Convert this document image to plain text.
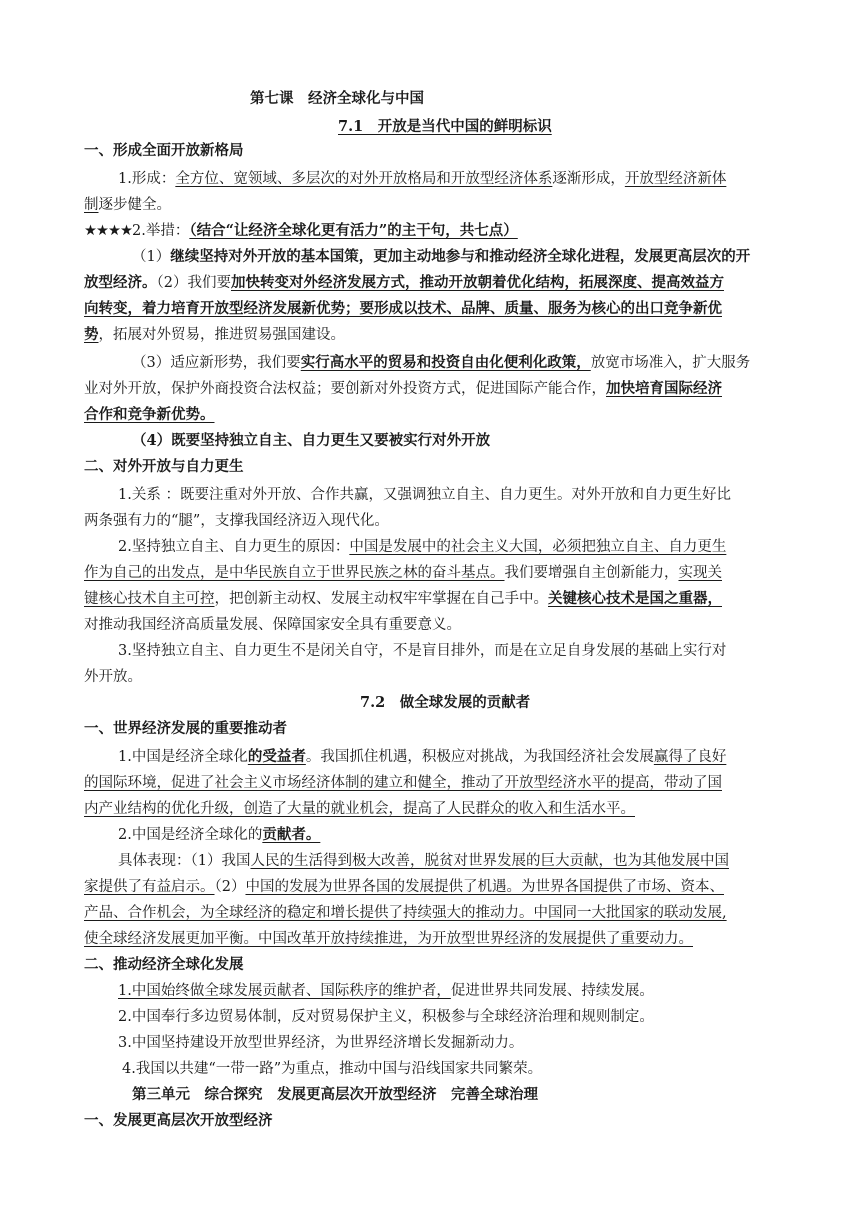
第七课　经济全球化与中国
7.1　开放是当代中国的鲜明标识
一、形成全面开放新格局
1.形成：全方位、宽领域、多层次的对外开放格局和开放型经济体系逐渐形成，开放型经济新体
制逐步健全。
★★★★2.举措：（结合“让经济全球化更有活力”的主干句，共七点）
（1）继续坚持对外开放的基本国策，更加主动地参与和推动经济全球化进程，发展更高层次的开
放型经济。（2）我们要加快转变对外经济发展方式，推动开放朝着优化结构，拓展深度、提高效益方
向转变，着力培育开放型经济发展新优势；要形成以技术、品牌、质量、服务为核心的出口竞争新优
势，拓展对外贸易，推进贸易强国建设。
（3）适应新形势，我们要实行高水平的贸易和投资自由化便利化政策，放宽市场准入，扩大服务
业对外开放，保护外商投资合法权益；要创新对外投资方式，促进国际产能合作，加快培育国际经济
合作和竞争新优势。
（4）既要坚持独立自主、自力更生又要被实行对外开放
二、对外开放与自力更生
1.关系 ：既要注重对外开放、合作共赢，又强调独立自主、自力更生。对外开放和自力更生好比
两条强有力的“腿”，支撑我国经济迈入现代化。
2.坚持独立自主、自力更生的原因：中国是发展中的社会主义大国，必须把独立自主、自力更生
作为自己的出发点，是中华民族自立于世界民族之林的奋斗基点。我们要增强自主创新能力，实现关
键核心技术自主可控，把创新主动权、发展主动权牢牢掌握在自己手中。关键核心技术是国之重器，
对推动我国经济高质量发展、保障国家安全具有重要意义。
3.坚持独立自主、自力更生不是闭关自守，不是盲目排外，而是在立足自身发展的基础上实行对
外开放。
7.2　做全球发展的贡献者
一、世界经济发展的重要推动者
1.中国是经济全球化的受益者。我国抓住机遇，积极应对挑战，为我国经济社会发展赢得了良好
的国际环境，促进了社会主义市场经济体制的建立和健全，推动了开放型经济水平的提高，带动了国
内产业结构的优化升级，创造了大量的就业机会，提高了人民群众的收入和生活水平。
2.中国是经济全球化的贡献者。
具体表现：（1）我国人民的生活得到极大改善，脱贫对世界发展的巨大贡献，也为其他发展中国
家提供了有益启示。（2）中国的发展为世界各国的发展提供了机遇。为世界各国提供了市场、资本、
产品、合作机会，为全球经济的稳定和增长提供了持续强大的推动力。中国同一大批国家的联动发展,
使全球经济发展更加平衡。中国改革开放持续推进，为开放型世界经济的发展提供了重要动力。
二、推动经济全球化发展
1.中国始终做全球发展贡献者、国际秩序的维护者，促进世界共同发展、持续发展。
2.中国奉行多边贸易体制，反对贸易保护主义，积极参与全球经济治理和规则制定。
3.中国坚持建设开放型世界经济，为世界经济增长发掘新动力。
4.我国以共建“一带一路”为重点，推动中国与沿线国家共同繁荣。
第三单元　综合探究　发展更高层次开放型经济　完善全球治理
一、发展更高层次开放型经济
